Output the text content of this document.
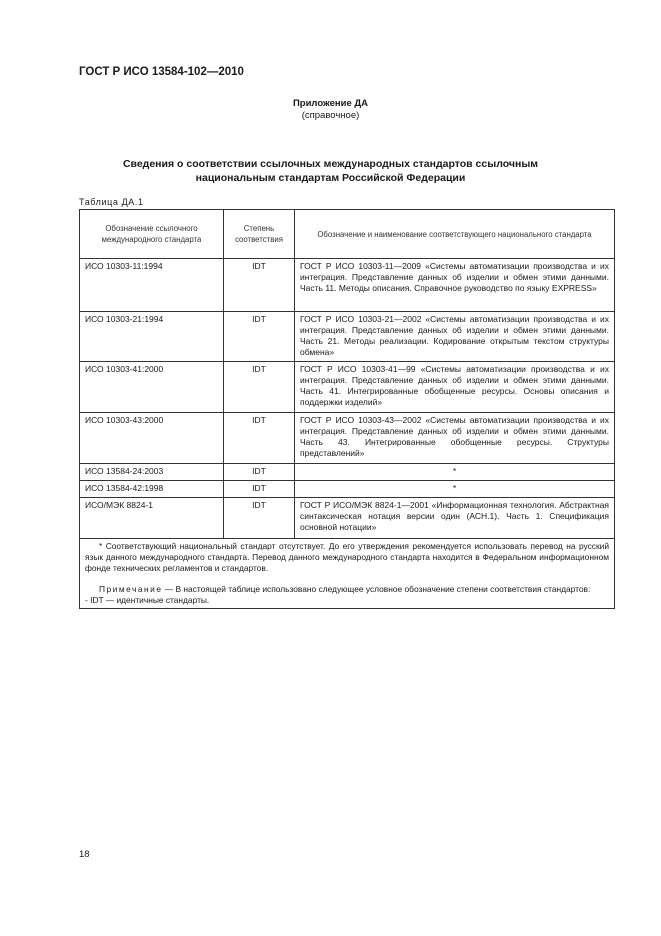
ГОСТ Р ИСО 13584-102—2010
Приложение ДА
(справочное)
Сведения о соответствии ссылочных международных стандартов ссылочным
национальным стандартам Российской Федерации
Таблица ДА.1
Обозначение ссылочного международного стандарта	Степень соответствия	Обозначение и наименование соответствующего национального стандарта
ИСО 10303-11:1994	IDT	ГОСТ Р ИСО 10303-11—2009 «Системы автоматизации производства и их интеграция. Представление данных об изделии и обмен этими данными. Часть 11. Методы описания. Справочное руководство по языку EXPRESS»
ИСО 10303-21:1994	IDT	ГОСТ Р ИСО 10303-21—2002 «Системы автоматизации производства и их интеграция. Представление данных об изделии и обмен этими данными. Часть 21. Методы реализации. Кодирование открытым текстом структуры обмена»
ИСО 10303-41:2000	IDT	ГОСТ Р ИСО 10303-41—99 «Системы автоматизации производства и их интеграция. Представление данных об изделии и обмен этими данными. Часть 41. Интегрированные обобщенные ресурсы. Основы описания и поддержки изделий»
ИСО 10303-43:2000	IDT	ГОСТ Р ИСО 10303-43—2002 «Системы автоматизации производства и их интеграция. Представление данных об изделии и обмен этими данными. Часть 43. Интегрированные обобщенные ресурсы. Структуры представлений»
ИСО 13584-24:2003	IDT	*
ИСО 13584-42:1998	IDT	*
ИСО/МЭК 8824-1	IDT	ГОСТ Р ИСО/МЭК 8824-1—2001 «Информационная технология. Абстрактная синтаксическая нотация версии один (АСН.1). Часть 1. Спецификация основной нотации»

* Соответствующий национальный стандарт отсутствует. До его утверждения рекомендуется использовать перевод на русский язык данного международного стандарта. Перевод данного международного стандарта находится в Федеральном информационном фонде технических регламентов и стандартов.

Примечание — В настоящей таблице использовано следующее условное обозначение степени соответствия стандартов:

- IDT — идентичные стандарты.		

18
